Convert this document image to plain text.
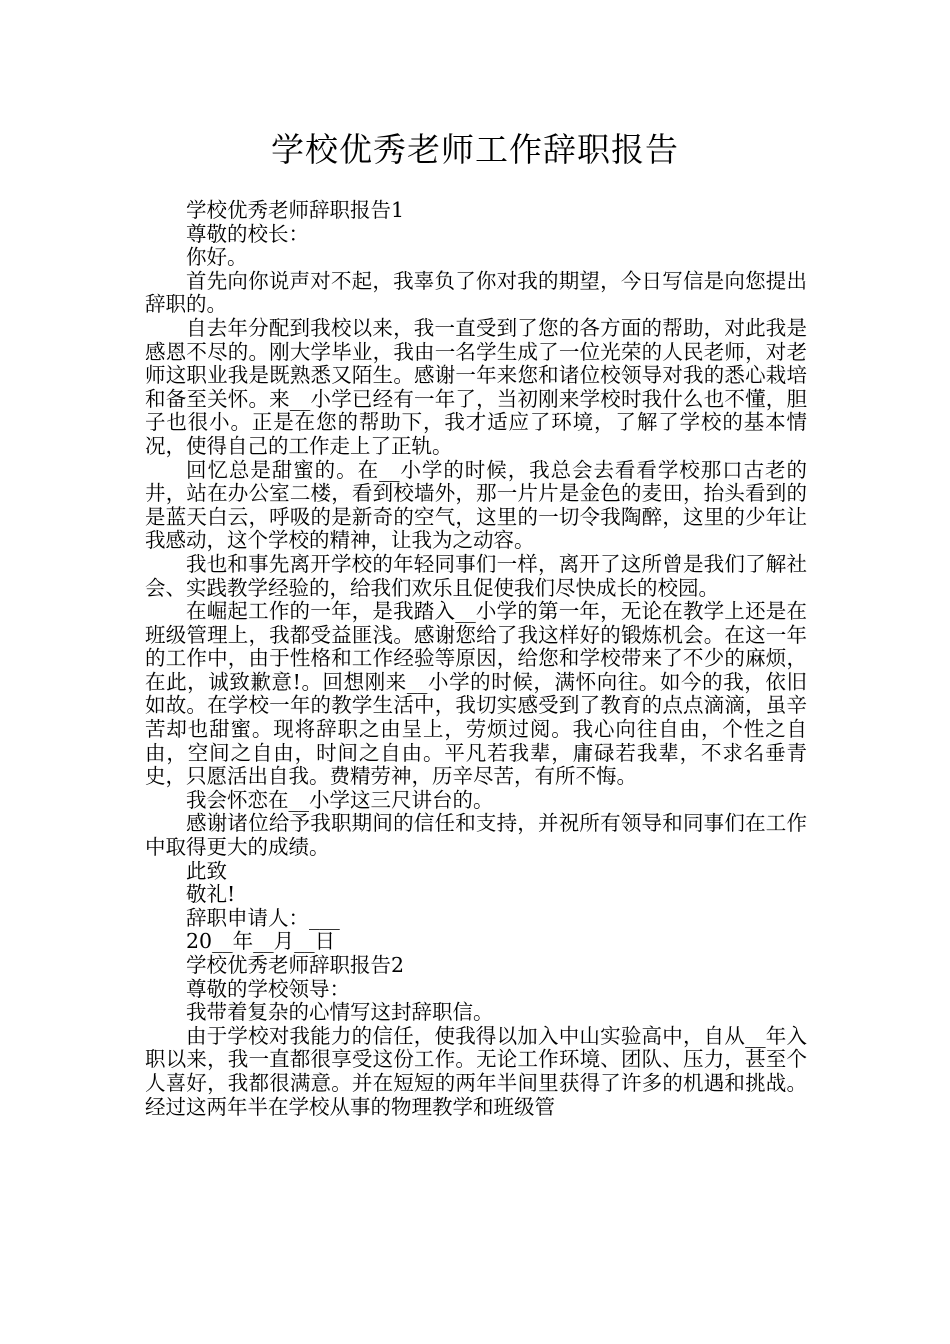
学校优秀老师工作辞职报告

学校优秀老师辞职报告1

尊敬的校长：

你好。

首先向你说声对不起，我辜负了你对我的期望，今日写信是向您提出辞职的。

自去年分配到我校以来，我一直受到了您的各方面的帮助，对此我是感恩不尽的。刚大学毕业，我由一名学生成了一位光荣的人民老师，对老师这职业我是既熟悉又陌生。感谢一年来您和诸位校领导对我的悉心栽培和备至关怀。来__小学已经有一年了，当初刚来学校时我什么也不懂，胆子也很小。正是在您的帮助下，我才适应了环境，了解了学校的基本情况，使得自己的工作走上了正轨。

回忆总是甜蜜的。在__小学的时候，我总会去看看学校那口古老的井，站在办公室二楼，看到校墙外，那一片片是金色的麦田，抬头看到的是蓝天白云，呼吸的是新奇的空气，这里的一切令我陶醉，这里的少年让我感动，这个学校的精神，让我为之动容。

我也和事先离开学校的年轻同事们一样，离开了这所曾是我们了解社会、实践教学经验的，给我们欢乐且促使我们尽快成长的校园。

在崛起工作的一年，是我踏入__小学的第一年，无论在教学上还是在班级管理上，我都受益匪浅。感谢您给了我这样好的锻炼机会。在这一年的工作中，由于性格和工作经验等原因，给您和学校带来了不少的麻烦，在此，诚致歉意!。回想刚来__小学的时候，满怀向往。如今的我，依旧如故。在学校一年的教学生活中，我切实感受到了教育的点点滴滴，虽辛苦却也甜蜜。现将辞职之由呈上，劳烦过阅。我心向往自由，个性之自由，空间之自由，时间之自由。平凡若我辈，庸碌若我辈，不求名垂青史，只愿活出自我。费精劳神，历辛尽苦，有所不悔。

我会怀恋在__小学这三尺讲台的。

感谢诸位给予我职期间的信任和支持，并祝所有领导和同事们在工作中取得更大的成绩。

此致

敬礼!

辞职申请人：___

20__年__月__日

学校优秀老师辞职报告2

尊敬的学校领导：

我带着复杂的心情写这封辞职信。

由于学校对我能力的信任，使我得以加入中山实验高中，自从__年入职以来，我一直都很享受这份工作。无论工作环境、团队、压力，甚至个人喜好，我都很满意。并在短短的两年半间里获得了许多的机遇和挑战。经过这两年半在学校从事的物理教学和班级管
